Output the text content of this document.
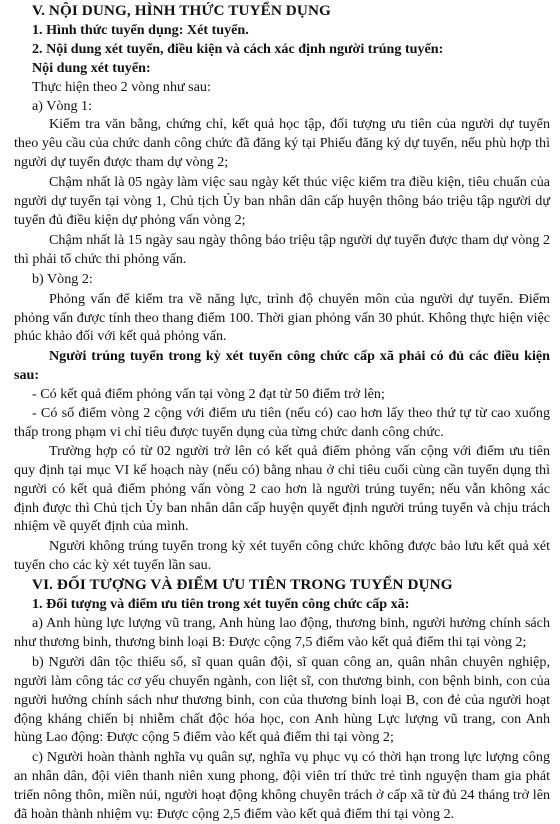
V. NỘI DUNG, HÌNH THỨC TUYỂN DỤNG

1. Hình thức tuyển dụng: Xét tuyển.

2. Nội dung xét tuyển, điều kiện và cách xác định người trúng tuyển:

Nội dung xét tuyển:

Thực hiện theo 2 vòng như sau:

a) Vòng 1:

Kiểm tra văn bằng, chứng chỉ, kết quả học tập, đối tượng ưu tiên của người dự tuyển theo yêu cầu của chức danh công chức đã đăng ký tại Phiếu đăng ký dự tuyển, nếu phù hợp thì người dự tuyển được tham dự vòng 2;

Chậm nhất là 05 ngày làm việc sau ngày kết thúc việc kiểm tra điều kiện, tiêu chuẩn của người dự tuyển tại vòng 1, Chủ tịch Ủy ban nhân dân cấp huyện thông báo triệu tập người dự tuyển đủ điều kiện dự phỏng vấn vòng 2;

Chậm nhất là 15 ngày sau ngày thông báo triệu tập người dự tuyển được tham dự vòng 2 thì phải tổ chức thi phỏng vấn.

b) Vòng 2:

Phỏng vấn để kiểm tra về năng lực, trình độ chuyên môn của người dự tuyển. Điểm phỏng vấn được tính theo thang điểm 100. Thời gian phỏng vấn 30 phút. Không thực hiện việc phúc khảo đối với kết quả phỏng vấn.

Người trúng tuyển trong kỳ xét tuyển công chức cấp xã phải có đủ các điều kiện sau:

- Có kết quả điểm phỏng vấn tại vòng 2 đạt từ 50 điểm trở lên;

- Có số điểm vòng 2 cộng với điểm ưu tiên (nếu có) cao hơn lấy theo thứ tự từ cao xuống thấp trong phạm vi chỉ tiêu được tuyển dụng của từng chức danh công chức.

Trường hợp có từ 02 người trở lên có kết quả điểm phỏng vấn cộng với điểm ưu tiên quy định tại mục VI kế hoạch này (nếu có) bằng nhau ở chỉ tiêu cuối cùng cần tuyển dụng thì người có kết quả điểm phỏng vấn vòng 2 cao hơn là người trúng tuyển; nếu vẫn không xác định được thì Chủ tịch Ủy ban nhân dân cấp huyện quyết định người trúng tuyển và chịu trách nhiệm về quyết định của mình.

Người không trúng tuyển trong kỳ xét tuyển công chức không được bảo lưu kết quả xét tuyển cho các kỳ xét tuyển lần sau.

VI. ĐỐI TƯỢNG VÀ ĐIỂM ƯU TIÊN TRONG TUYỂN DỤNG

1. Đối tượng và điểm ưu tiên trong xét tuyển công chức cấp xã:

a) Anh hùng lực lượng vũ trang, Anh hùng lao động, thương binh, người hưởng chính sách như thương binh, thương binh loại B: Được cộng 7,5 điểm vào kết quả điểm thi tại vòng 2;

b) Người dân tộc thiểu số, sĩ quan quân đội, sĩ quan công an, quân nhân chuyên nghiệp, người làm công tác cơ yếu chuyển ngành, con liệt sĩ, con thương binh, con bệnh binh, con của người hưởng chính sách như thương binh, con của thương binh loại B, con đẻ của người hoạt động kháng chiến bị nhiễm chất độc hóa học, con Anh hùng Lực lượng vũ trang, con Anh hùng Lao động: Được cộng 5 điểm vào kết quả điểm thi tại vòng 2;

c) Người hoàn thành nghĩa vụ quân sự, nghĩa vụ phục vụ có thời hạn trong lực lượng công an nhân dân, đội viên thanh niên xung phong, đội viên trí thức trẻ tình nguyện tham gia phát triển nông thôn, miền núi, người hoạt động không chuyên trách ở cấp xã từ đủ 24 tháng trở lên đã hoàn thành nhiệm vụ: Được cộng 2,5 điểm vào kết quả điểm thi tại vòng 2.
